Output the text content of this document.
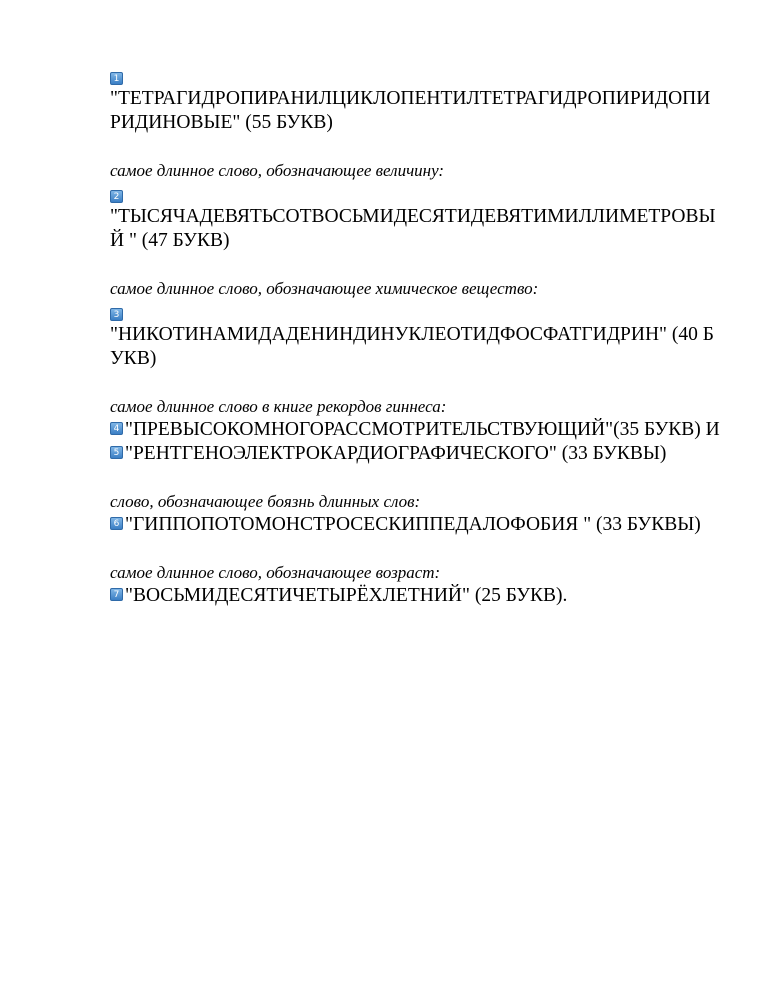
1

"ТЕТРАГИДРОПИРАНИЛЦИКЛОПЕНТИЛТЕТРАГИДРОПИРИДОПИРИДИНОВЫЕ" (55 БУКВ)

самое длинное слово, обозначающее величину:

2

"ТЫСЯЧАДЕВЯТЬСОТВОСЬМИДЕСЯТИДЕВЯТИМИЛЛИМЕТРОВЫЙ " (47 БУКВ)

самое длинное слово, обозначающее химическое вещество:

3

"НИКОТИНАМИДАДЕНИНДИНУКЛЕОТИДФОСФАТГИДРИН" (40 БУКВ)

самое длинное слово в книге рекордов гиннеса:

4 "ПРЕВЫСОКОМНОГОРАССМОТРИТЕЛЬСТВУЮЩИЙ"(35 БУКВ) И

5 "РЕНТГЕНОЭЛЕКТРОКАРДИОГРАФИЧЕСКОГО" (33 БУКВЫ)

слово, обозначающее боязнь длинных слов:

6 "ГИППОПОТОМОНСТРОСЕСКИППЕДАЛОФОБИЯ " (33 БУКВЫ)

самое длинное слово, обозначающее возраст:

7 "ВОСЬМИДЕСЯТИЧЕТЫРЁХЛЕТНИЙ" (25 БУКВ).
